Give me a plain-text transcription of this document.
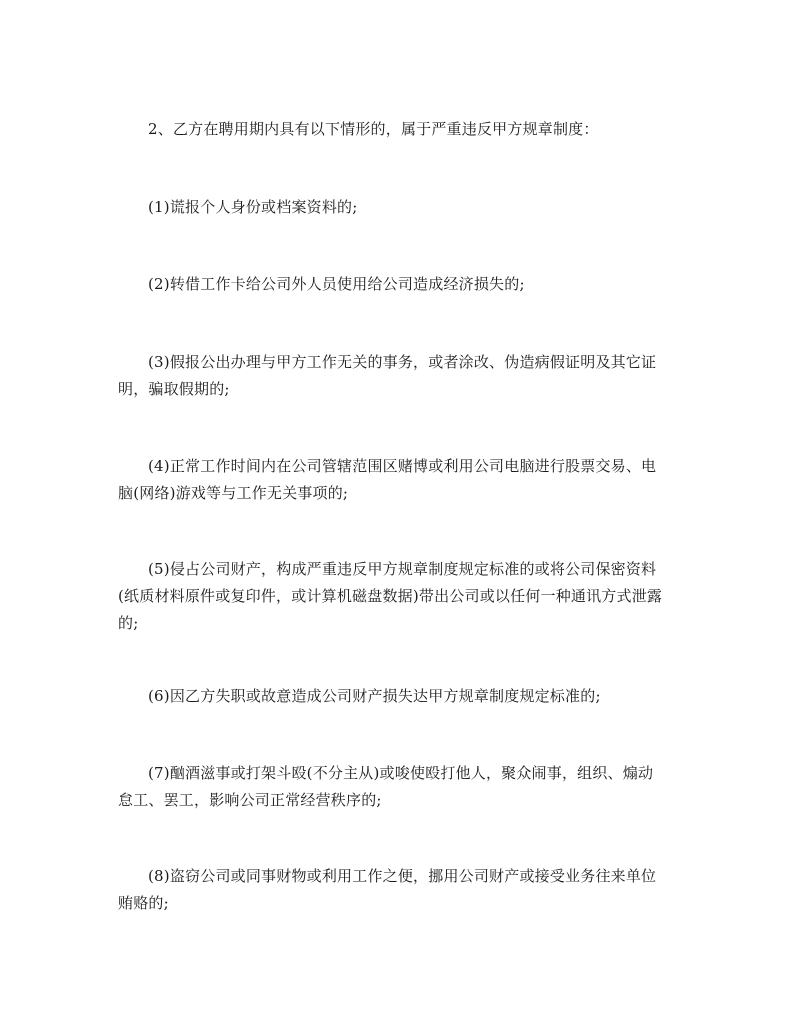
2、乙方在聘用期内具有以下情形的，属于严重违反甲方规章制度：
(1)谎报个人身份或档案资料的;
(2)转借工作卡给公司外人员使用给公司造成经济损失的;
(3)假报公出办理与甲方工作无关的事务，或者涂改、伪造病假证明及其它证
明，骗取假期的;
(4)正常工作时间内在公司管辖范围区赌博或利用公司电脑进行股票交易、电
脑(网络)游戏等与工作无关事项的;
(5)侵占公司财产，构成严重违反甲方规章制度规定标准的或将公司保密资料
(纸质材料原件或复印件，或计算机磁盘数据)带出公司或以任何一种通讯方式泄露
的;
(6)因乙方失职或故意造成公司财产损失达甲方规章制度规定标准的;
(7)酗酒滋事或打架斗殴(不分主从)或唆使殴打他人，聚众闹事，组织、煽动
怠工、罢工，影响公司正常经营秩序的;
(8)盗窃公司或同事财物或利用工作之便，挪用公司财产或接受业务往来单位
贿赂的;
